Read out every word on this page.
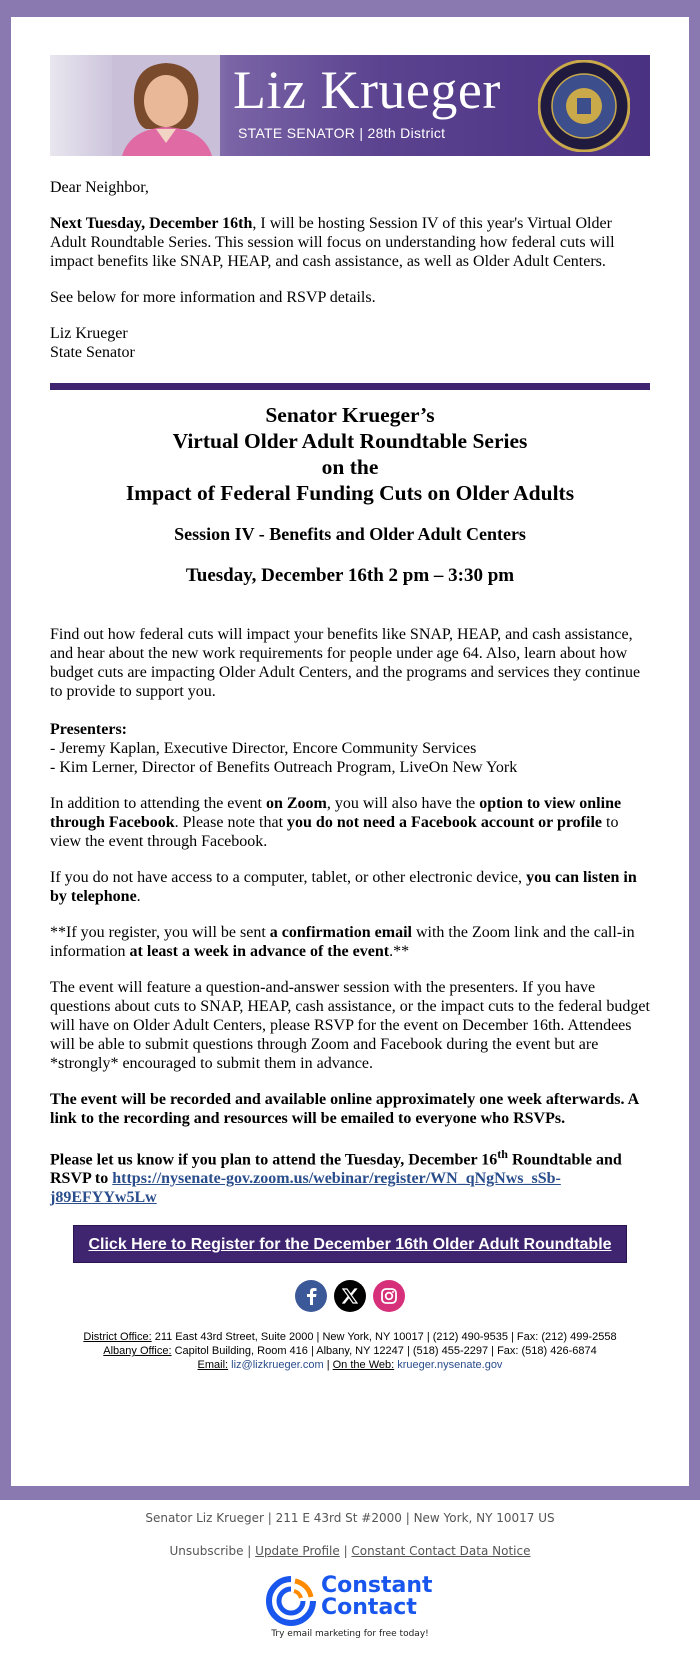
Liz Krueger
STATE SENATOR | 28th District

Dear Neighbor,

Next Tuesday, December 16th, I will be hosting Session IV of this year's Virtual Older Adult Roundtable Series. This session will focus on understanding how federal cuts will impact benefits like SNAP, HEAP, and cash assistance, as well as Older Adult Centers.

See below for more information and RSVP details.

Liz Krueger
State Senator

Senator Krueger’s
Virtual Older Adult Roundtable Series
on the
Impact of Federal Funding Cuts on Older Adults
Session IV - Benefits and Older Adult Centers
Tuesday, December 16th 2 pm – 3:30 pm

Find out how federal cuts will impact your benefits like SNAP, HEAP, and cash assistance, and hear about the new work requirements for people under age 64. Also, learn about how budget cuts are impacting Older Adult Centers, and the programs and services they continue to provide to support you.

Presenters:
- Jeremy Kaplan, Executive Director, Encore Community Services
- Kim Lerner, Director of Benefits Outreach Program, LiveOn New York

In addition to attending the event on Zoom, you will also have the option to view online through Facebook. Please note that you do not need a Facebook account or profile to view the event through Facebook.

If you do not have access to a computer, tablet, or other electronic device, you can listen in by telephone.

**If you register, you will be sent a confirmation email with the Zoom link and the call-in information at least a week in advance of the event.**

The event will feature a question-and-answer session with the presenters. If you have questions about cuts to SNAP, HEAP, cash assistance, or the impact cuts to the federal budget will have on Older Adult Centers, please RSVP for the event on December 16th. Attendees will be able to submit questions through Zoom and Facebook during the event but are *strongly* encouraged to submit them in advance.

The event will be recorded and available online approximately one week afterwards. A link to the recording and resources will be emailed to everyone who RSVPs.

Please let us know if you plan to attend the Tuesday, December 16th Roundtable and RSVP to https://nysenate-gov.zoom.us/webinar/register/WN_qNgNws_sSb-j89EFYYw5Lw

Click Here to Register for the December 16th Older Adult Roundtable
District Office: 211 East 43rd Street, Suite 2000 | New York, NY 10017 | (212) 490-9535 | Fax: (212) 499-2558
Albany Office: Capitol Building, Room 416 | Albany, NY 12247 | (518) 455-2297 | Fax: (518) 426-6874
Email: liz@lizkrueger.com | On the Web: krueger.nysenate.gov
Senator Liz Krueger | 211 E 43rd St #2000 | New York, NY 10017 US
Unsubscribe | Update Profile | Constant Contact Data Notice
Constant
Contact
Try email marketing for free today!
